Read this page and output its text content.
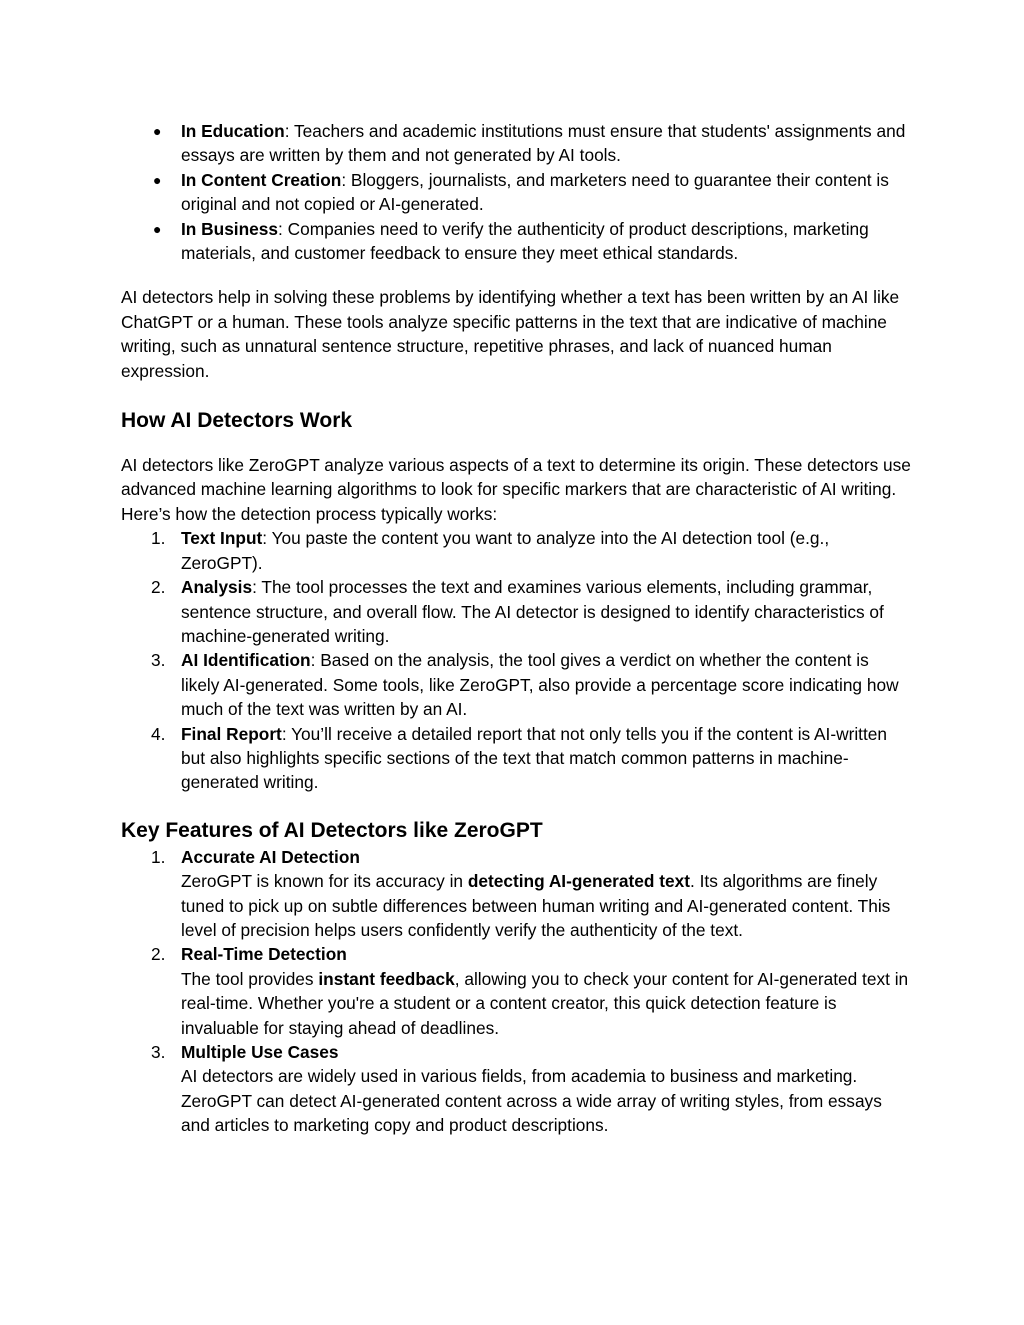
● In Education: Teachers and academic institutions must ensure that students' assignments and essays are written by them and not generated by AI tools.
● In Content Creation: Bloggers, journalists, and marketers need to guarantee their content is original and not copied or AI-generated.
● In Business: Companies need to verify the authenticity of product descriptions, marketing materials, and customer feedback to ensure they meet ethical standards.

AI detectors help in solving these problems by identifying whether a text has been written by an AI like ChatGPT or a human. These tools analyze specific patterns in the text that are indicative of machine writing, such as unnatural sentence structure, repetitive phrases, and lack of nuanced human expression.

How AI Detectors Work

AI detectors like ZeroGPT analyze various aspects of a text to determine its origin. These detectors use advanced machine learning algorithms to look for specific markers that are characteristic of AI writing. Here’s how the detection process typically works:

1. Text Input: You paste the content you want to analyze into the AI detection tool (e.g., ZeroGPT).
2. Analysis: The tool processes the text and examines various elements, including grammar, sentence structure, and overall flow. The AI detector is designed to identify characteristics of machine-generated writing.
3. AI Identification: Based on the analysis, the tool gives a verdict on whether the content is likely AI-generated. Some tools, like ZeroGPT, also provide a percentage score indicating how much of the text was written by an AI.
4. Final Report: You’ll receive a detailed report that not only tells you if the content is AI-written but also highlights specific sections of the text that match common patterns in machine-generated writing.
Key Features of AI Detectors like ZeroGPT
1. Accurate AI Detection
ZeroGPT is known for its accuracy in detecting AI-generated text. Its algorithms are finely tuned to pick up on subtle differences between human writing and AI-generated content. This level of precision helps users confidently verify the authenticity of the text.
2. Real-Time Detection
The tool provides instant feedback, allowing you to check your content for AI-generated text in real-time. Whether you're a student or a content creator, this quick detection feature is invaluable for staying ahead of deadlines.
3. Multiple Use Cases
AI detectors are widely used in various fields, from academia to business and marketing. ZeroGPT can detect AI-generated content across a wide array of writing styles, from essays and articles to marketing copy and product descriptions.
